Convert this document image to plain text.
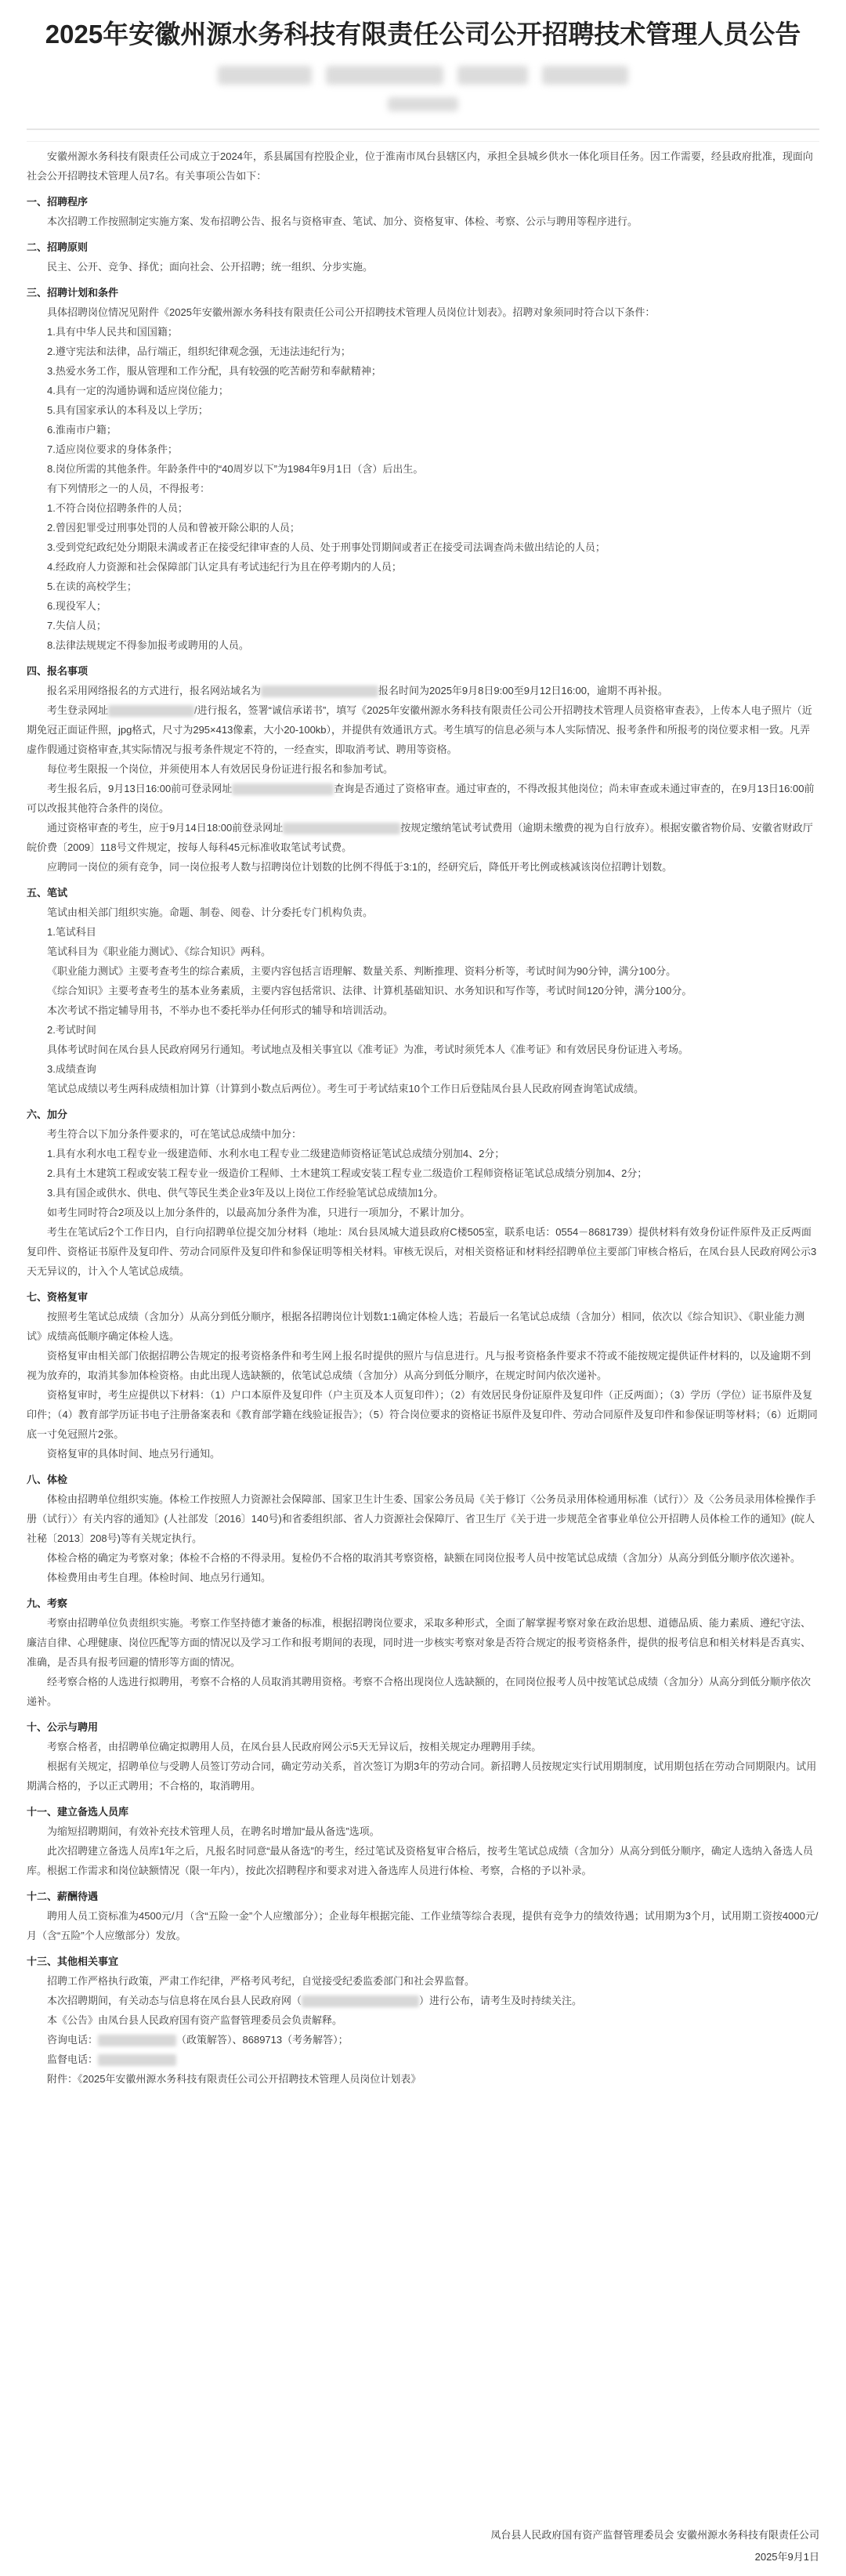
2025年安徽州源水务科技有限责任公司公开招聘技术管理人员公告

安徽州源水务科技有限责任公司成立于2024年，系县属国有控股企业，位于淮南市凤台县辖区内，承担全县城乡供水一体化项目任务。因工作需要，经县政府批准，现面向社会公开招聘技术管理人员7名。有关事项公告如下：

一、招聘程序

本次招聘工作按照制定实施方案、发布招聘公告、报名与资格审查、笔试、加分、资格复审、体检、考察、公示与聘用等程序进行。

二、招聘原则

民主、公开、竞争、择优；面向社会、公开招聘；统一组织、分步实施。

三、招聘计划和条件

具体招聘岗位情况见附件《2025年安徽州源水务科技有限责任公司公开招聘技术管理人员岗位计划表》。招聘对象须同时符合以下条件：

1.具有中华人民共和国国籍；

2.遵守宪法和法律，品行端正，组织纪律观念强，无违法违纪行为；

3.热爱水务工作，服从管理和工作分配，具有较强的吃苦耐劳和奉献精神；

4.具有一定的沟通协调和适应岗位能力；

5.具有国家承认的本科及以上学历；

6.淮南市户籍；

7.适应岗位要求的身体条件；

8.岗位所需的其他条件。年龄条件中的“40周岁以下”为1984年9月1日（含）后出生。

有下列情形之一的人员，不得报考：

1.不符合岗位招聘条件的人员；

2.曾因犯罪受过刑事处罚的人员和曾被开除公职的人员；

3.受到党纪政纪处分期限未满或者正在接受纪律审查的人员、处于刑事处罚期间或者正在接受司法调查尚未做出结论的人员；

4.经政府人力资源和社会保障部门认定具有考试违纪行为且在停考期内的人员；

5.在读的高校学生；

6.现役军人；

7.失信人员；

8.法律法规规定不得参加报考或聘用的人员。

四、报名事项

报名采用网络报名的方式进行，报名网站域名为	报名时间为2025年9月8日9:00至9月12日16:00，逾期不再补报。

考生登录网址	/进行报名，签署“诚信承诺书”，填写《2025年安徽州源水务科技有限责任公司公开招聘技术管理人员资格审查表》，上传本人电子照片（近期免冠正面证件照，jpg格式，尺寸为295×413像素，大小20-100kb），并提供有效通讯方式。考生填写的信息必须与本人实际情况、报考条件和所报考的岗位要求相一致。凡弄虚作假通过资格审查,其实际情况与报考条件规定不符的，一经查实，即取消考试、聘用等资格。

每位考生限报一个岗位，并须使用本人有效居民身份证进行报名和参加考试。

考生报名后，9月13日16:00前可登录网址	查询是否通过了资格审查。通过审查的，不得改报其他岗位；尚未审查或未通过审查的，在9月13日16:00前可以改报其他符合条件的岗位。

通过资格审查的考生，应于9月14日18:00前登录网址	按规定缴纳笔试考试费用（逾期未缴费的视为自行放弃）。根据安徽省物价局、安徽省财政厅皖价费〔2009〕118号文件规定，按每人每科45元标准收取笔试考试费。

应聘同一岗位的须有竞争，同一岗位报考人数与招聘岗位计划数的比例不得低于3:1的，经研究后，降低开考比例或核减该岗位招聘计划数。

五、笔试

笔试由相关部门组织实施。命题、制卷、阅卷、计分委托专门机构负责。

1.笔试科目

笔试科目为《职业能力测试》、《综合知识》两科。

《职业能力测试》主要考查考生的综合素质，主要内容包括言语理解、数量关系、判断推理、资料分析等，考试时间为90分钟，满分100分。

《综合知识》主要考查考生的基本业务素质，主要内容包括常识、法律、计算机基础知识、水务知识和写作等，考试时间120分钟，满分100分。

本次考试不指定辅导用书，不举办也不委托举办任何形式的辅导和培训活动。

2.考试时间

具体考试时间在凤台县人民政府网另行通知。考试地点及相关事宜以《准考证》为准，考试时须凭本人《准考证》和有效居民身份证进入考场。

3.成绩查询

笔试总成绩以考生两科成绩相加计算（计算到小数点后两位）。考生可于考试结束10个工作日后登陆凤台县人民政府网查询笔试成绩。

六、加分

考生符合以下加分条件要求的，可在笔试总成绩中加分：

1.具有水利水电工程专业一级建造师、水利水电工程专业二级建造师资格证笔试总成绩分别加4、2分；

2.具有土木建筑工程或安装工程专业一级造价工程师、土木建筑工程或安装工程专业二级造价工程师资格证笔试总成绩分别加4、2分；

3.具有国企或供水、供电、供气等民生类企业3年及以上岗位工作经验笔试总成绩加1分。

如考生同时符合2项及以上加分条件的，以最高加分条件为准，只进行一项加分，不累计加分。

考生在笔试后2个工作日内，自行向招聘单位提交加分材料（地址：凤台县凤城大道县政府C楼505室，联系电话：0554－8681739）提供材料有效身份证件原件及正反两面复印件、资格证书原件及复印件、劳动合同原件及复印件和参保证明等相关材料。审核无误后，对相关资格证和材料经招聘单位主要部门审核合格后，在凤台县人民政府网公示3天无异议的，计入个人笔试总成绩。

七、资格复审

按照考生笔试总成绩（含加分）从高分到低分顺序，根据各招聘岗位计划数1:1确定体检人选；若最后一名笔试总成绩（含加分）相同，依次以《综合知识》、《职业能力测试》成绩高低顺序确定体检人选。

资格复审由相关部门依据招聘公告规定的报考资格条件和考生网上报名时提供的照片与信息进行。凡与报考资格条件要求不符或不能按规定提供证件材料的，以及逾期不到视为放弃的，取消其参加体检资格。由此出现人选缺额的，依笔试总成绩（含加分）从高分到低分顺序，在规定时间内依次递补。

资格复审时，考生应提供以下材料：（1）户口本原件及复印件（户主页及本人页复印件）；（2）有效居民身份证原件及复印件（正反两面）；（3）学历（学位）证书原件及复印件；（4）教育部学历证书电子注册备案表和《教育部学籍在线验证报告》；（5）符合岗位要求的资格证书原件及复印件、劳动合同原件及复印件和参保证明等材料；（6）近期同底一寸免冠照片2张。

资格复审的具体时间、地点另行通知。

八、体检

体检由招聘单位组织实施。体检工作按照人力资源社会保障部、国家卫生计生委、国家公务员局《关于修订〈公务员录用体检通用标准（试行）〉及〈公务员录用体检操作手册（试行）〉有关内容的通知》(人社部发〔2016〕140号)和省委组织部、省人力资源社会保障厅、省卫生厅《关于进一步规范全省事业单位公开招聘人员体检工作的通知》(皖人社秘〔2013〕208号)等有关规定执行。

体检合格的确定为考察对象；体检不合格的不得录用。复检仍不合格的取消其考察资格，缺额在同岗位报考人员中按笔试总成绩（含加分）从高分到低分顺序依次递补。

体检费用由考生自理。体检时间、地点另行通知。

九、考察

考察由招聘单位负责组织实施。考察工作坚持德才兼备的标准，根据招聘岗位要求，采取多种形式，全面了解掌握考察对象在政治思想、道德品质、能力素质、遵纪守法、廉洁自律、心理健康、岗位匹配等方面的情况以及学习工作和报考期间的表现，同时进一步核实考察对象是否符合规定的报考资格条件，提供的报考信息和相关材料是否真实、准确，是否具有报考回避的情形等方面的情况。

经考察合格的人选进行拟聘用，考察不合格的人员取消其聘用资格。考察不合格出现岗位人选缺额的，在同岗位报考人员中按笔试总成绩（含加分）从高分到低分顺序依次递补。

十、公示与聘用

考察合格者，由招聘单位确定拟聘用人员，在凤台县人民政府网公示5天无异议后，按相关规定办理聘用手续。

根据有关规定，招聘单位与受聘人员签订劳动合同，确定劳动关系，首次签订为期3年的劳动合同。新招聘人员按规定实行试用期制度，试用期包括在劳动合同期限内。试用期满合格的，予以正式聘用；不合格的，取消聘用。

十一、建立备选人员库

为缩短招聘期间，有效补充技术管理人员，在聘名时增加“最从备选”选项。

此次招聘建立备选人员库1年之后，凡报名时同意“最从备选”的考生，经过笔试及资格复审合格后，按考生笔试总成绩（含加分）从高分到低分顺序，确定人选纳入备选人员库。根据工作需求和岗位缺额情况（限一年内），按此次招聘程序和要求对进入备选库人员进行体检、考察，合格的予以补录。

十二、薪酬待遇

聘用人员工资标准为4500元/月（含“五险一金”个人应缴部分）；企业每年根据完能、工作业绩等综合表现，提供有竞争力的绩效待遇；试用期为3个月，试用期工资按4000元/月（含“五险”个人应缴部分）发放。

十三、其他相关事宜

招聘工作严格执行政策，严肃工作纪律，严格考风考纪，自觉接受纪委监委部门和社会界监督。

本次招聘期间，有关动态与信息将在凤台县人民政府网（	）进行公布，请考生及时持续关注。

本《公告》由凤台县人民政府国有资产监督管理委员会负责解释。

咨询电话：	（政策解答）、8689713（考务解答）；

监督电话：

附件：《2025年安徽州源水务科技有限责任公司公开招聘技术管理人员岗位计划表》

凤台县人民政府国有资产监督管理委员会 安徽州源水务科技有限责任公司
2025年9月1日
